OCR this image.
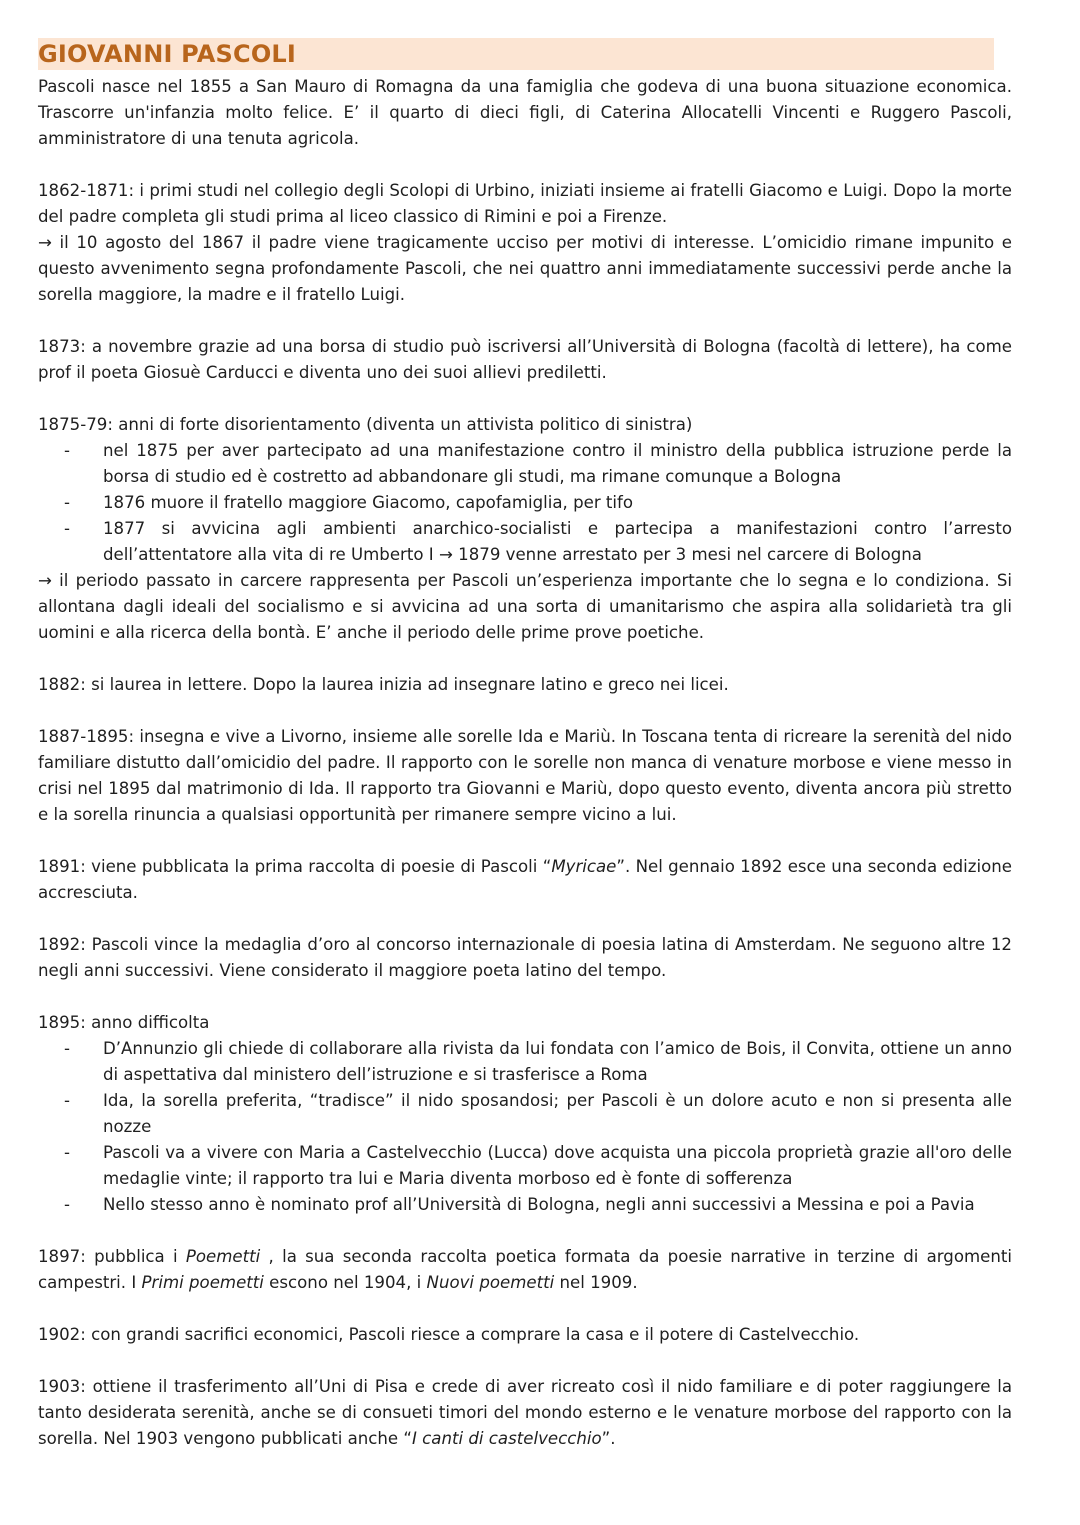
GIOVANNI PASCOLI

Pascoli nasce nel 1855 a San Mauro di Romagna da una famiglia che godeva di una buona situazione economica. Trascorre un'infanzia molto felice. E’ il quarto di dieci figli, di Caterina Allocatelli Vincenti e Ruggero Pascoli, amministratore di una tenuta agricola.

1862-1871: i primi studi nel collegio degli Scolopi di Urbino, iniziati insieme ai fratelli Giacomo e Luigi. Dopo la morte del padre completa gli studi prima al liceo classico di Rimini e poi a Firenze.

→ il 10 agosto del 1867 il padre viene tragicamente ucciso per motivi di interesse. L’omicidio rimane impunito e questo avvenimento segna profondamente Pascoli, che nei quattro anni immediatamente successivi perde anche la sorella maggiore, la madre e il fratello Luigi.

1873: a novembre grazie ad una borsa di studio può iscriversi all’Università di Bologna (facoltà di lettere), ha come prof il poeta Giosuè Carducci e diventa uno dei suoi allievi prediletti.

1875-79: anni di forte disorientamento (diventa un attivista politico di sinistra)

- nel 1875 per aver partecipato ad una manifestazione contro il ministro della pubblica istruzione perde la borsa di studio ed è costretto ad abbandonare gli studi, ma rimane comunque a Bologna
- 1876 muore il fratello maggiore Giacomo, capofamiglia, per tifo
- 1877 si avvicina agli ambienti anarchico-socialisti e partecipa a manifestazioni contro l’arresto dell’attentatore alla vita di re Umberto I → 1879 venne arrestato per 3 mesi nel carcere di Bologna

→ il periodo passato in carcere rappresenta per Pascoli un’esperienza importante che lo segna e lo condiziona. Si allontana dagli ideali del socialismo e si avvicina ad una sorta di umanitarismo che aspira alla solidarietà tra gli uomini e alla ricerca della bontà. E’ anche il periodo delle prime prove poetiche.

1882: si laurea in lettere. Dopo la laurea inizia ad insegnare latino e greco nei licei.

1887-1895: insegna e vive a Livorno, insieme alle sorelle Ida e Mariù. In Toscana tenta di ricreare la serenità del nido familiare distutto dall’omicidio del padre. Il rapporto con le sorelle non manca di venature morbose e viene messo in crisi nel 1895 dal matrimonio di Ida. Il rapporto tra Giovanni e Mariù, dopo questo evento, diventa ancora più stretto e la sorella rinuncia a qualsiasi opportunità per rimanere sempre vicino a lui.

1891: viene pubblicata la prima raccolta di poesie di Pascoli “Myricae”. Nel gennaio 1892 esce una seconda edizione accresciuta.

1892: Pascoli vince la medaglia d’oro al concorso internazionale di poesia latina di Amsterdam. Ne seguono altre 12 negli anni successivi. Viene considerato il maggiore poeta latino del tempo.

1895: anno difficolta

- D’Annunzio gli chiede di collaborare alla rivista da lui fondata con l’amico de Bois, il Convita, ottiene un anno di aspettativa dal ministero dell’istruzione e si trasferisce a Roma
- Ida, la sorella preferita, “tradisce” il nido sposandosi; per Pascoli è un dolore acuto e non si presenta alle nozze
- Pascoli va a vivere con Maria a Castelvecchio (Lucca) dove acquista una piccola proprietà grazie all'oro delle medaglie vinte; il rapporto tra lui e Maria diventa morboso ed è fonte di sofferenza
- Nello stesso anno è nominato prof all’Università di Bologna, negli anni successivi a Messina e poi a Pavia

1897: pubblica i Poemetti , la sua seconda raccolta poetica formata da poesie narrative in terzine di argomenti campestri. I Primi poemetti escono nel 1904, i Nuovi poemetti nel 1909.

1902: con grandi sacrifici economici, Pascoli riesce a comprare la casa e il potere di Castelvecchio.

1903: ottiene il trasferimento all’Uni di Pisa e crede di aver ricreato così il nido familiare e di poter raggiungere la tanto desiderata serenità, anche se di consueti timori del mondo esterno e le venature morbose del rapporto con la sorella. Nel 1903 vengono pubblicati anche “I canti di castelvecchio”.
